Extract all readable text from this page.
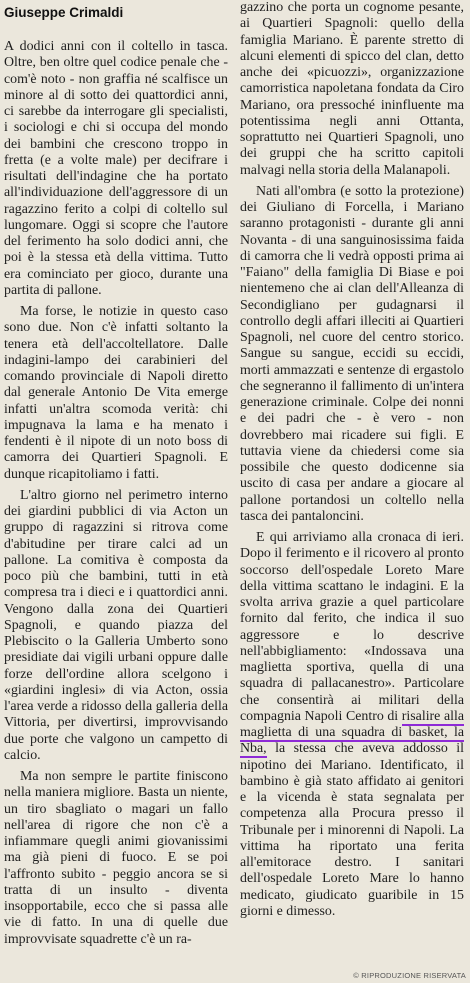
Giuseppe Crimaldi

A dodici anni con il coltello in tasca. Oltre, ben oltre quel codice penale che - com'è noto - non graffia né scalfisce un minore al di sotto dei quattordici anni, ci sarebbe da interrogare gli specialisti, i sociologi e chi si occupa del mondo dei bambini che crescono troppo in fretta (e a volte male) per decifrare i risultati dell'indagine che ha portato all'individuazione dell'aggressore di un ragazzino ferito a colpi di coltello sul lungomare. Oggi si scopre che l'autore del ferimento ha solo dodici anni, che poi è la stessa età della vittima. Tutto era cominciato per gioco, durante una partita di pallone.

Ma forse, le notizie in questo caso sono due. Non c'è infatti soltanto la tenera età dell'accoltellatore. Dalle indagini-lampo dei carabinieri del comando provinciale di Napoli diretto dal generale Antonio De Vita emerge infatti un'altra scomoda verità: chi impugnava la lama e ha menato i fendenti è il nipote di un noto boss di camorra dei Quartieri Spagnoli. E dunque ricapitoliamo i fatti.

L'altro giorno nel perimetro interno dei giardini pubblici di via Acton un gruppo di ragazzini si ritrova come d'abitudine per tirare calci ad un pallone. La comitiva è composta da poco più che bambini, tutti in età compresa tra i dieci e i quattordici anni. Vengono dalla zona dei Quartieri Spagnoli, e quando piazza del Plebiscito o la Galleria Umberto sono presidiate dai vigili urbani oppure dalle forze dell'ordine allora scelgono i «giardini inglesi» di via Acton, ossia l'area verde a ridosso della galleria della Vittoria, per divertirsi, improvvisando due porte che valgono un campetto di calcio.

Ma non sempre le partite finiscono nella maniera migliore. Basta un niente, un tiro sbagliato o magari un fallo nell'area di rigore che non c'è a infiammare quegli animi giovanissimi ma già pieni di fuoco. E se poi l'affronto subito - peggio ancora se si tratta di un insulto - diventa insopportabile, ecco che si passa alle vie di fatto. In una di quelle due improvvisate squadrette c'è un ra-

gazzino che porta un cognome pesante, ai Quartieri Spagnoli: quello della famiglia Mariano. È parente stretto di alcuni elementi di spicco del clan, detto anche dei «picuozzi», organizzazione camorristica napoletana fondata da Ciro Mariano, ora pressoché ininfluente ma potentissima negli anni Ottanta, soprattutto nei Quartieri Spagnoli, uno dei gruppi che ha scritto capitoli malvagi nella storia della Malanapoli.

Nati all'ombra (e sotto la protezione) dei Giuliano di Forcella, i Mariano saranno protagonisti - durante gli anni Novanta - di una sanguinosissima faida di camorra che li vedrà opposti prima ai "Faiano" della famiglia Di Biase e poi nientemeno che ai clan dell'Alleanza di Secondigliano per gudagnarsi il controllo degli affari illeciti ai Quartieri Spagnoli, nel cuore del centro storico. Sangue su sangue, eccidi su eccidi, morti ammazzati e sentenze di ergastolo che segneranno il fallimento di un'intera generazione criminale. Colpe dei nonni e dei padri che - è vero - non dovrebbero mai ricadere sui figli. E tuttavia viene da chiedersi come sia possibile che questo dodicenne sia uscito di casa per andare a giocare al pallone portandosi un coltello nella tasca dei pantaloncini.

E qui arriviamo alla cronaca di ieri. Dopo il ferimento e il ricovero al pronto soccorso dell'ospedale Loreto Mare della vittima scattano le indagini. E la svolta arriva grazie a quel particolare fornito dal ferito, che indica il suo aggressore e lo descrive nell'abbigliamento: «Indossava una maglietta sportiva, quella di una squadra di pallacanestro». Particolare che consentirà ai militari della compagnia Napoli Centro di risalire alla maglietta di una squadra di basket, la Nba, la stessa che aveva addosso il nipotino dei Mariano. Identificato, il bambino è già stato affidato ai genitori e la vicenda è stata segnalata per competenza alla Procura presso il Tribunale per i minorenni di Napoli. La vittima ha riportato una ferita all'emitorace destro. I sanitari dell'ospedale Loreto Mare lo hanno medicato, giudicato guaribile in 15 giorni e dimesso.

© RIPRODUZIONE RISERVATA
